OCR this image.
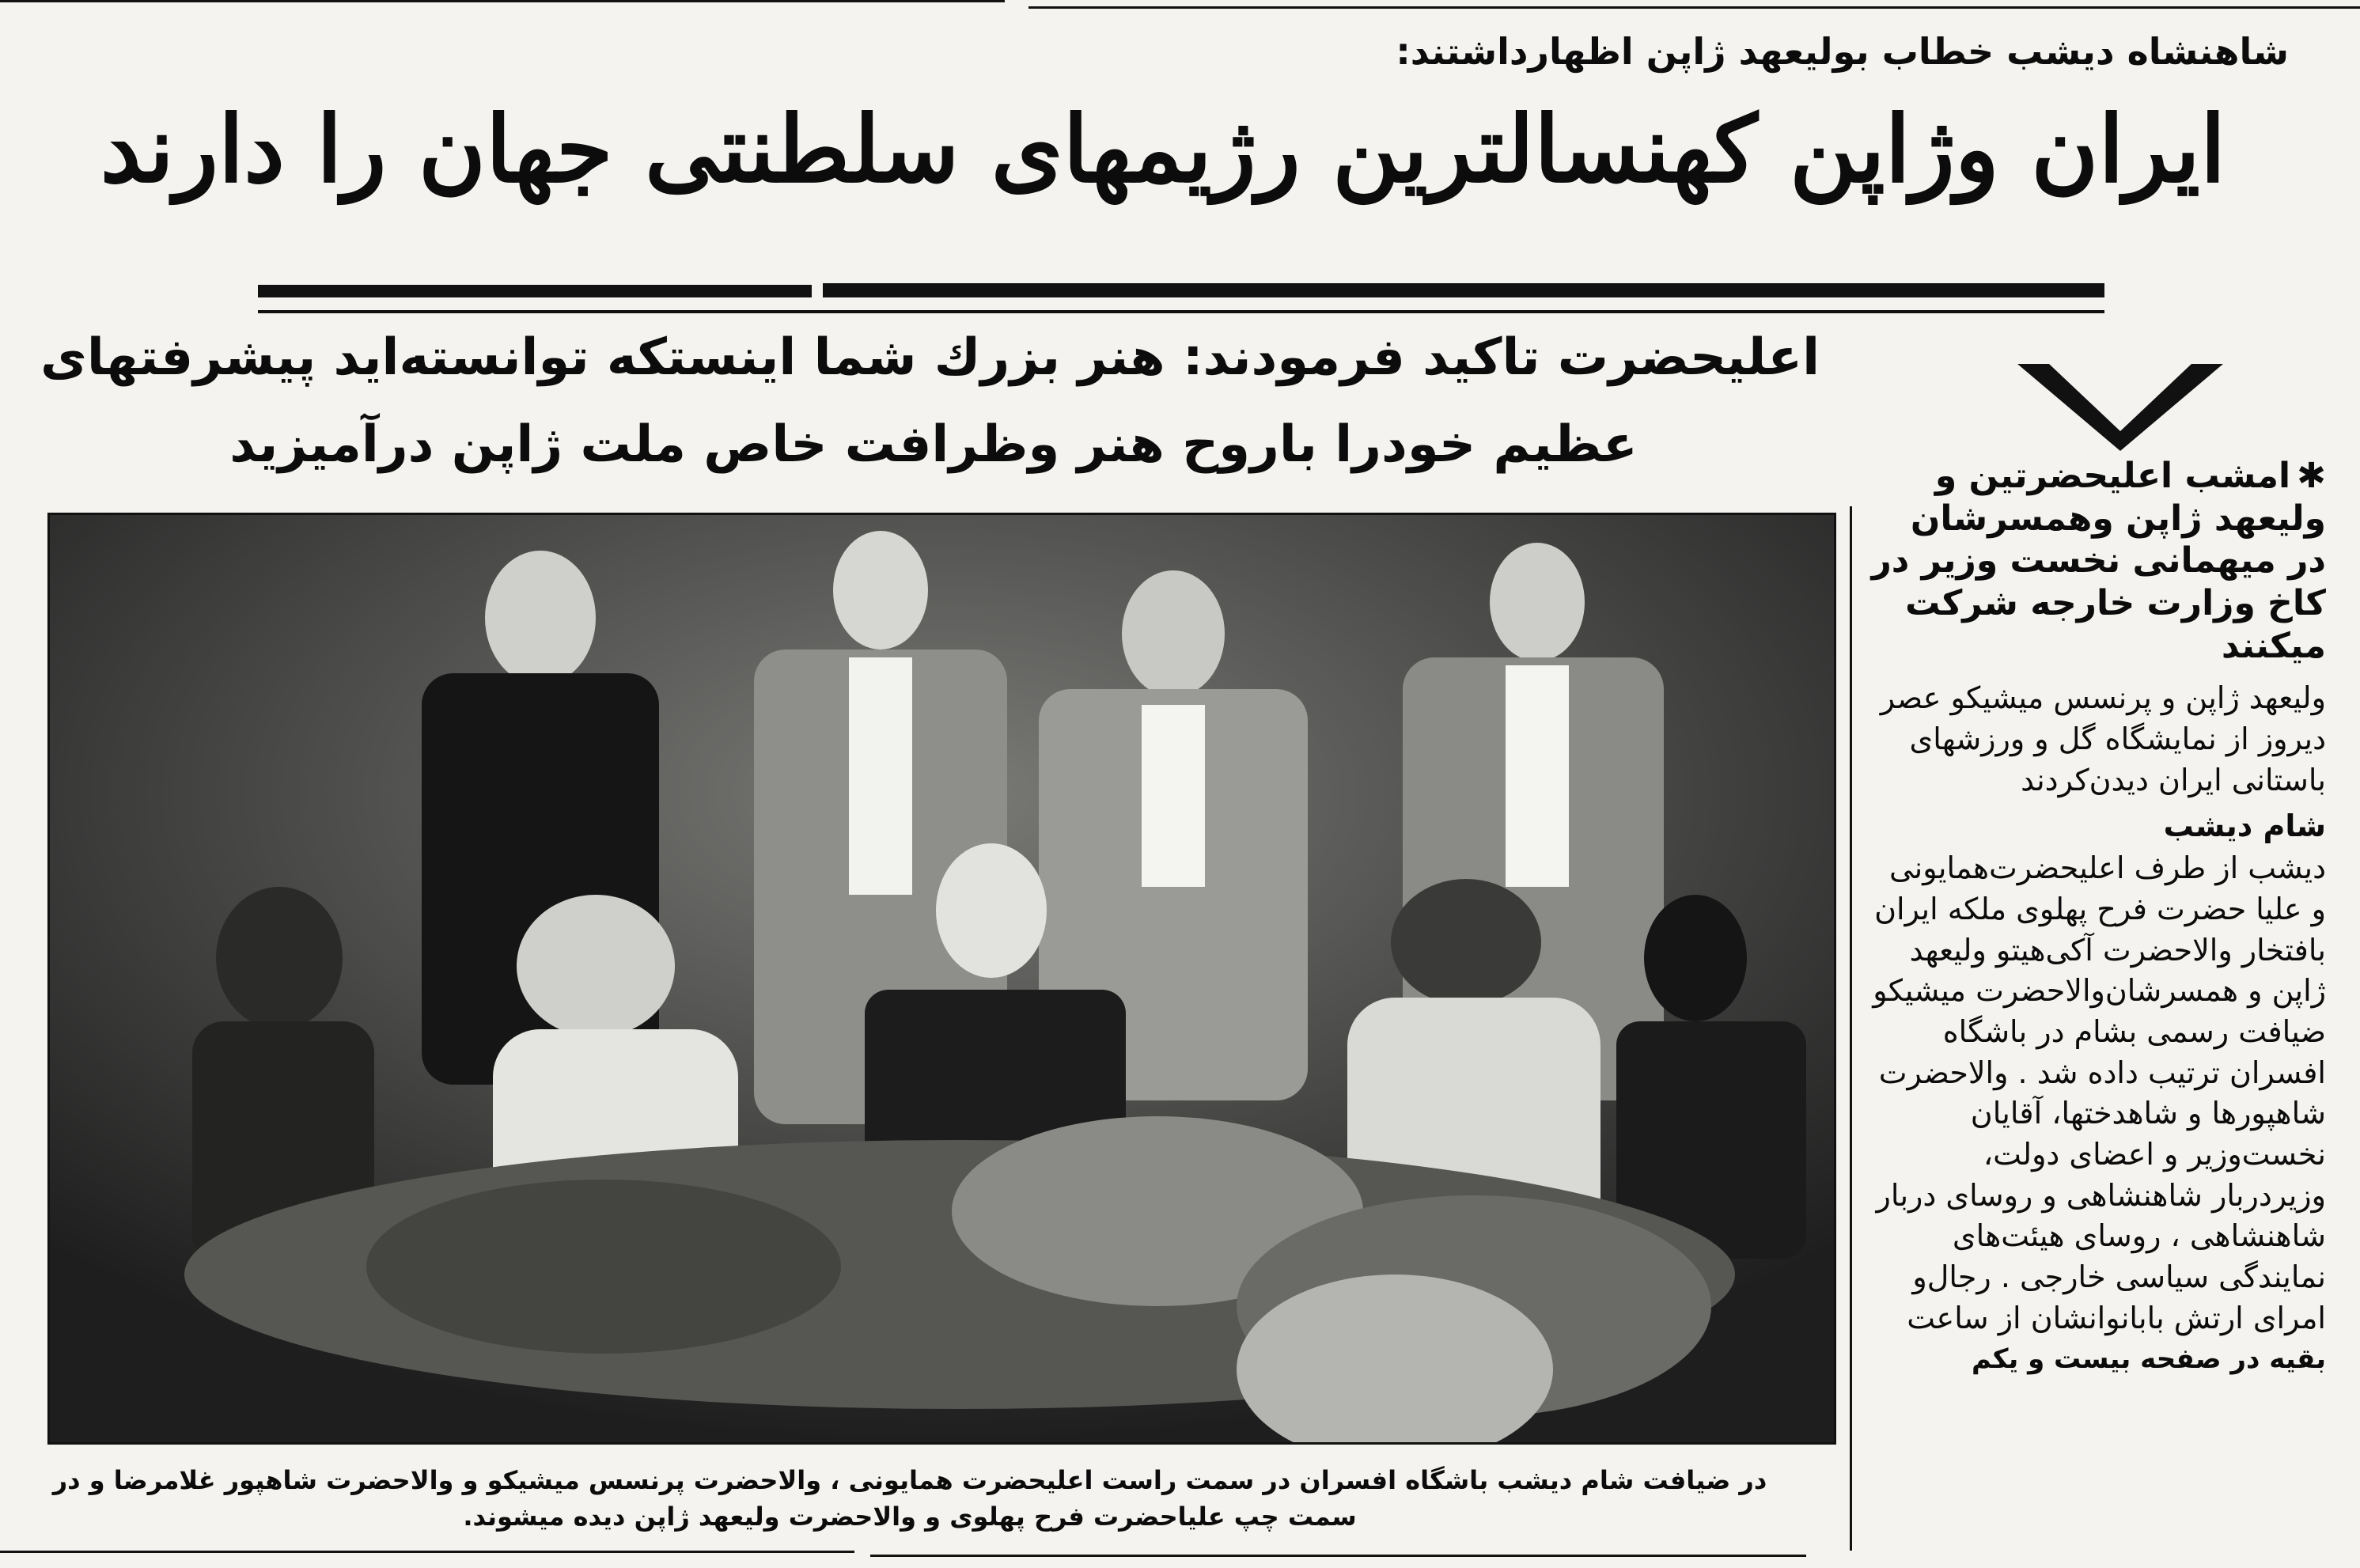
شاهنشاه دیشب خطاب بولیعهد ژاپن اظهارداشتند:
ایران وژاپن کهنسالترین رژیمهای سلطنتی جهان را دارند
اعلیحضرت تاکید فرمودند: هنر بزرك شما اینستکه توانسته‌اید پیشرفتهای
عظیم خودرا باروح هنر وظرافت خاص ملت ژاپن درآمیزید
در ضیافت شام دیشب باشگاه افسران در سمت راست اعلیحضرت همایونی ، والاحضرت پرنسس میشیکو و والاحضرت شاهپور غلامرضا و در
سمت چپ علیاحضرت فرح پهلوی و والاحضرت ولیعهد ژاپن دیده میشوند.
✱امشب اعلیحضرتین و ولیعهد ژاپن وهمسرشان در میهمانی نخست وزیر در کاخ وزارت خارجه شرکت میکنند

ولیعهد ژاپن و پرنسس میشیکو عصر دیروز از نمایشگاه گل و ورزشهای باستانی ایران دیدن‌کردند

شام دیشب

دیشب از طرف اعلیحضرت‌همایونی و علیا حضرت فرح پهلوی ملکه ایران بافتخار والاحضرت آکی‌هیتو ولیعهد ژاپن و همسرشان‌والاحضرت میشیکو ضیافت رسمی بشام در باشگاه افسران ترتیب داده شد . والاحضرت شاهپورها و شاهدختها، آقایان نخست‌وزیر و اعضای دولت، وزیردربار شاهنشاهی و روسای دربار شاهنشاهی ، روسای هیئت‌های نمایندگی سیاسی خارجی . رجال‌و امرای ارتش بابانوانشان از ساعت

بقیه در صفحه بیست و یکم
